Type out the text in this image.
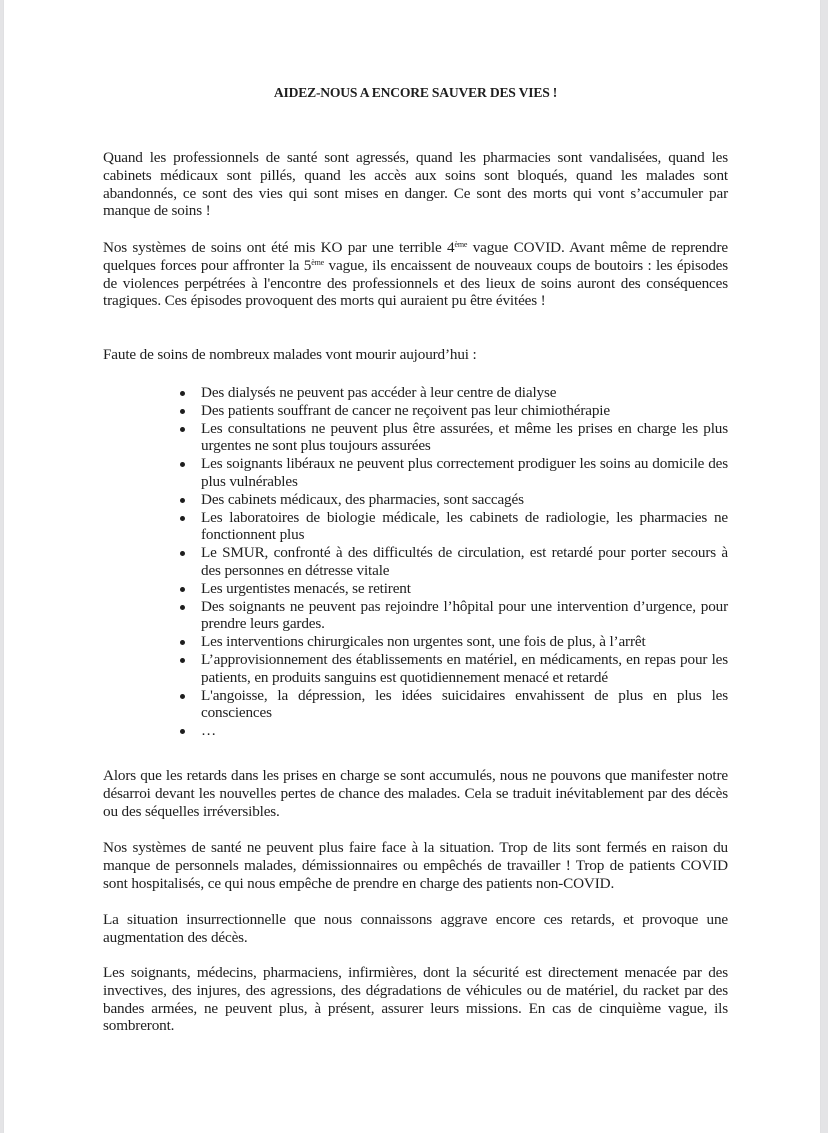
AIDEZ-NOUS A ENCORE SAUVER DES VIES !

Quand les professionnels de santé sont agressés, quand les pharmacies sont vandalisées, quand les cabinets médicaux sont pillés, quand les accès aux soins sont bloqués, quand les malades sont abandonnés, ce sont des vies qui sont mises en danger. Ce sont des morts qui vont s’accumuler par manque de soins !

Nos systèmes de soins ont été mis KO par une terrible 4ème vague COVID. Avant même de reprendre quelques forces pour affronter la 5ème vague, ils encaissent de nouveaux coups de boutoirs : les épisodes de violences perpétrées à l'encontre des professionnels et des lieux de soins auront des conséquences tragiques. Ces épisodes provoquent des morts qui auraient pu être évitées !

Faute de soins de nombreux malades vont mourir aujourd’hui :

Des dialysés ne peuvent pas accéder à leur centre de dialyse
Des patients souffrant de cancer ne reçoivent pas leur chimiothérapie
Les consultations ne peuvent plus être assurées, et même les prises en charge les plus urgentes ne sont plus toujours assurées
Les soignants libéraux ne peuvent plus correctement prodiguer les soins au domicile des plus vulnérables
Des cabinets médicaux, des pharmacies, sont saccagés
Les laboratoires de biologie médicale, les cabinets de radiologie, les pharmacies ne fonctionnent plus
Le SMUR, confronté à des difficultés de circulation, est retardé pour porter secours à des personnes en détresse vitale
Les urgentistes menacés, se retirent
Des soignants ne peuvent pas rejoindre l’hôpital pour une intervention d’urgence, pour prendre leurs gardes.
Les interventions chirurgicales non urgentes sont, une fois de plus, à l’arrêt
L’approvisionnement des établissements en matériel, en médicaments, en repas pour les patients, en produits sanguins est quotidiennement menacé et retardé
L'angoisse, la dépression, les idées suicidaires envahissent de plus en plus les consciences
…

Alors que les retards dans les prises en charge se sont accumulés, nous ne pouvons que manifester notre désarroi devant les nouvelles pertes de chance des malades. Cela se traduit inévitablement par des décès ou des séquelles irréversibles.

Nos systèmes de santé ne peuvent plus faire face à la situation. Trop de lits sont fermés en raison du manque de personnels malades, démissionnaires ou empêchés de travailler ! Trop de patients COVID sont hospitalisés, ce qui nous empêche de prendre en charge des patients non-COVID.

La situation insurrectionnelle que nous connaissons aggrave encore ces retards, et provoque une augmentation des décès.

Les soignants, médecins, pharmaciens, infirmières, dont la sécurité est directement menacée par des invectives, des injures, des agressions, des dégradations de véhicules ou de matériel, du racket par des bandes armées, ne peuvent plus, à présent, assurer leurs missions. En cas de cinquième vague, ils sombreront.
